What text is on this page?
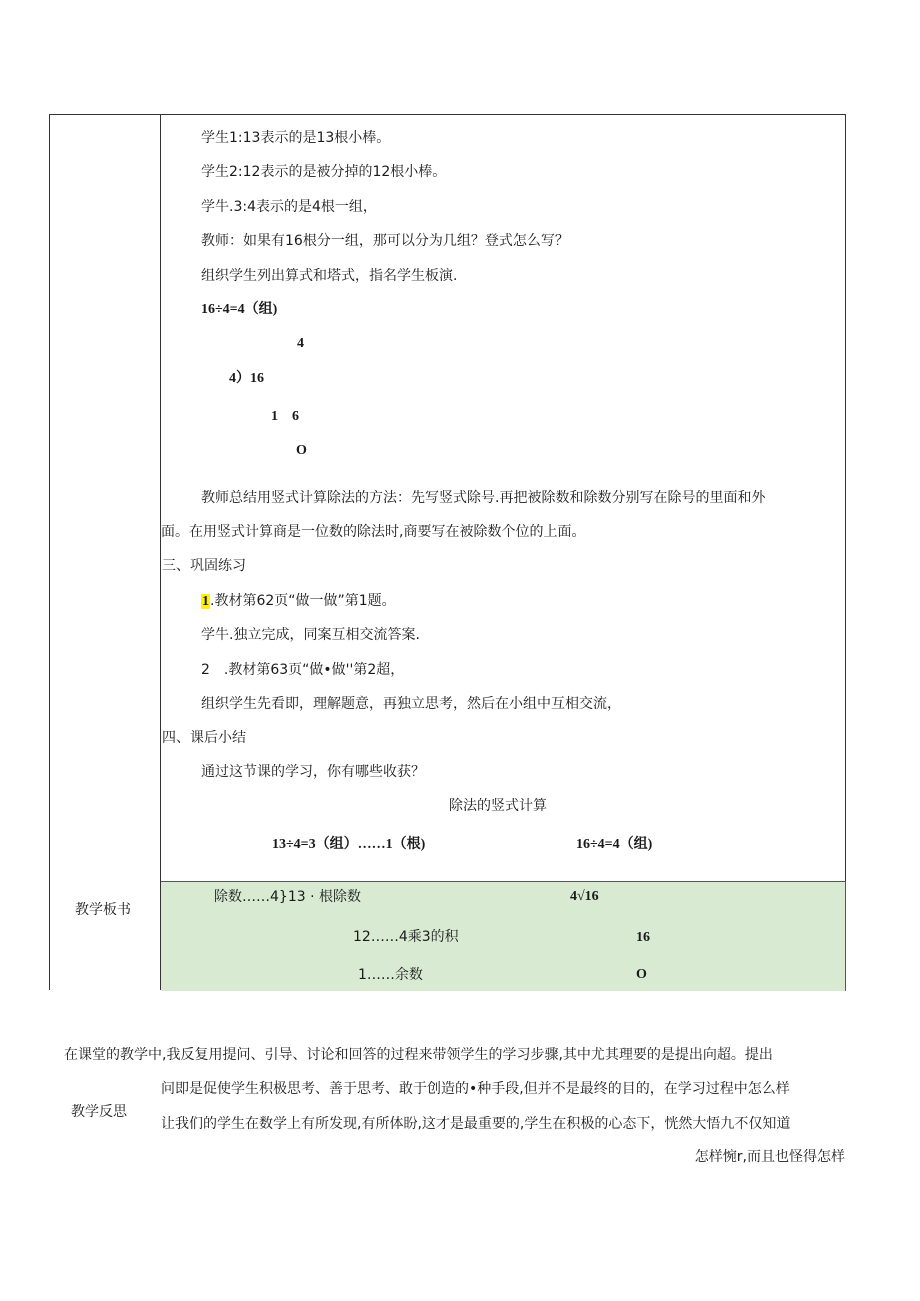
学生1:13表示的是13根小棒。
学生2:12表示的是被分掉的12根小棒。
学牛.3:4表示的是4根一组，
教师：如果有16根分一组，那可以分为几组？登式怎么写？
组织学生列出算式和塔式，指名学生板演.
16÷4=4（组)
4
4）16
1　6
O
教师总结用竖式计算除法的方法：先写竖式除号.再把被除数和除数分别写在除号的里面和外
面。在用竖式计算商是一位数的除法时,商要写在被除数个位的上面。
三、巩固练习
1.教材第62页“做一做”第1题。
学牛.独立完成，同案互相交流答案.
2　.教材第63页“做•做''第2超，
组织学生先看即，理解题意，再独立思考，然后在小组中互相交流，
四、课后小结
通过这节课的学习，你有哪些收获？
除法的竖式计算
13÷4=3（组）……1（根)	16÷4=4（组)
教学板书
除数……4}13 · 根除数	4√16
12……4乘3的积	16
1……余数	O
在课堂的教学中,我反复用提问、引导、讨论和回答的过程来带领学生的学习步骤,其中尤其理要的是提出向超。提出
问即是促使学生积极思考、善于思考、敢于创造的•种手段,但并不是最终的目的，在学习过程中怎么样
教学反思
让我们的学生在数学上有所发现,有所体盼,这才是最重要的,学生在积极的心态下，恍然大悟九不仅知道
怎样惋r,而且也怪得怎样
